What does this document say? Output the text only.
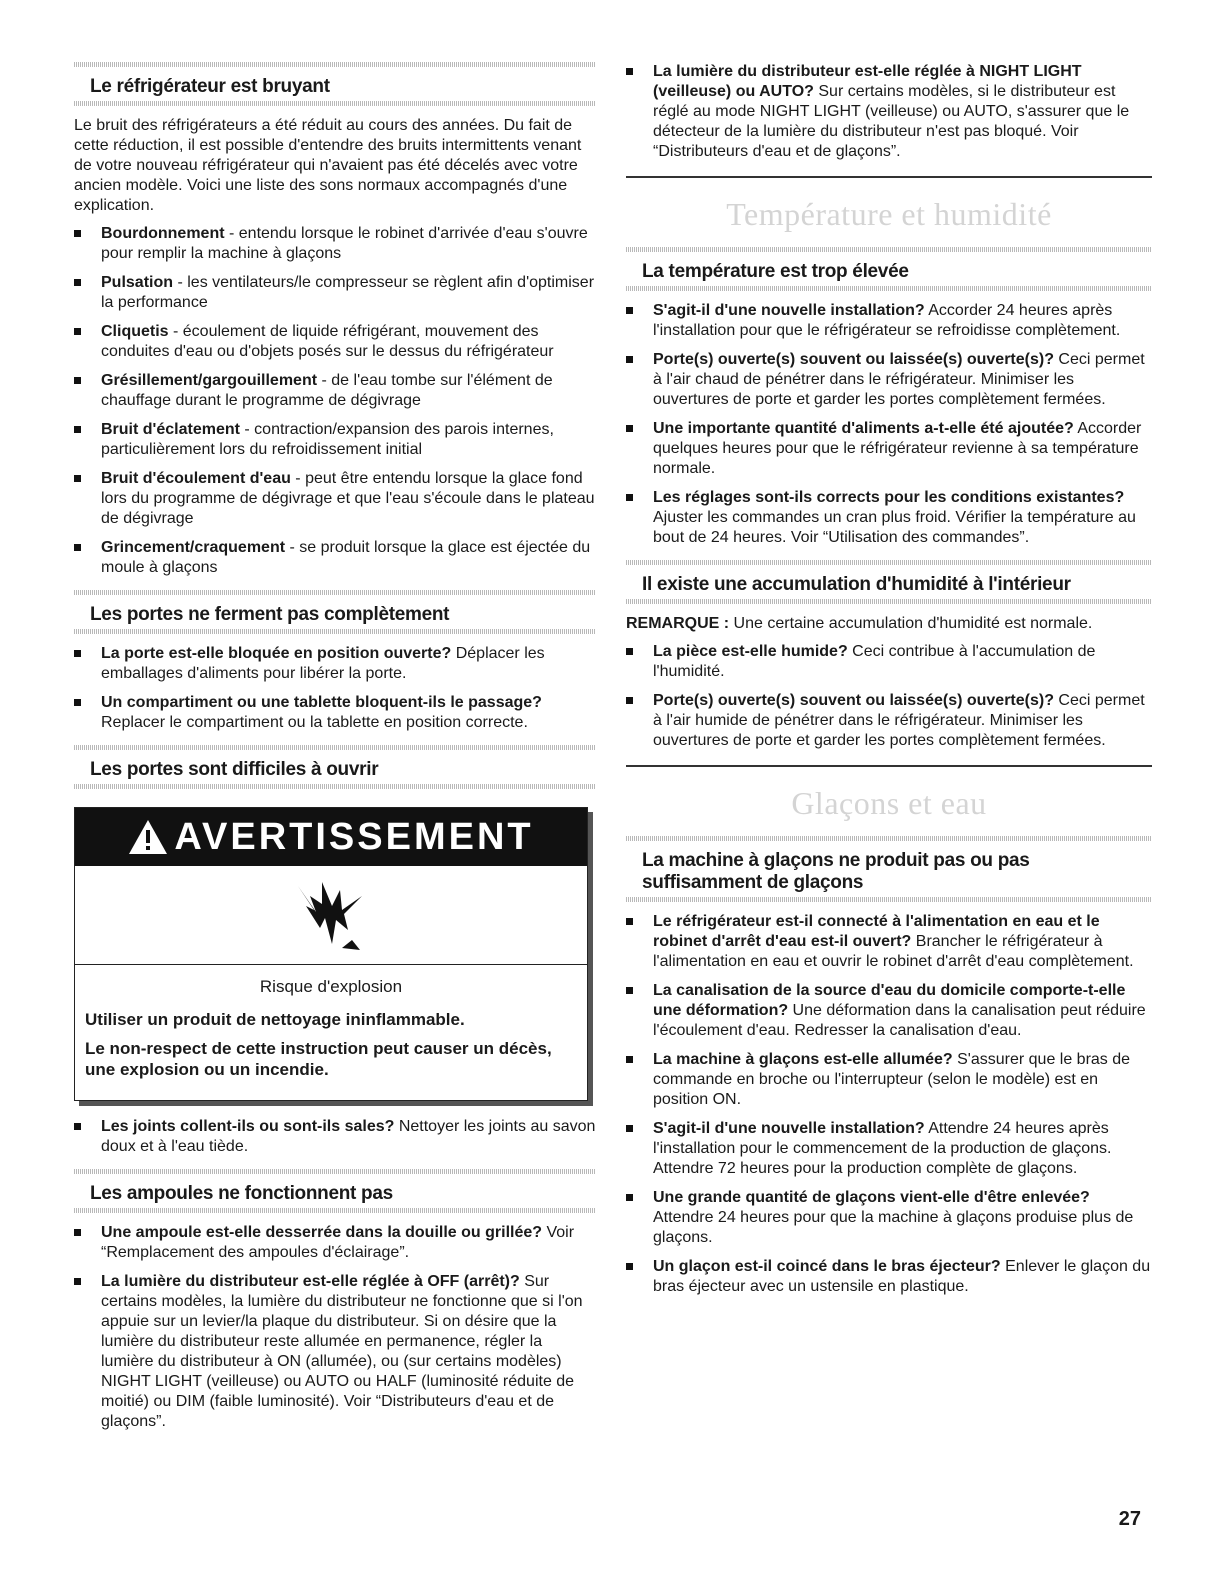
Le réfrigérateur est bruyant

Le bruit des réfrigérateurs a été réduit au cours des années. Du fait de cette réduction, il est possible d'entendre des bruits intermittents venant de votre nouveau réfrigérateur qui n'avaient pas été décelés avec votre ancien modèle. Voici une liste des sons normaux accompagnés d'une explication.

Bourdonnement - entendu lorsque le robinet d'arrivée d'eau s'ouvre pour remplir la machine à glaçons
Pulsation - les ventilateurs/le compresseur se règlent afin d'optimiser la performance
Cliquetis - écoulement de liquide réfrigérant, mouvement des conduites d'eau ou d'objets posés sur le dessus du réfrigérateur
Grésillement/gargouillement - de l'eau tombe sur l'élément de chauffage durant le programme de dégivrage
Bruit d'éclatement - contraction/expansion des parois internes, particulièrement lors du refroidissement initial
Bruit d'écoulement d'eau - peut être entendu lorsque la glace fond lors du programme de dégivrage et que l'eau s'écoule dans le plateau de dégivrage
Grincement/craquement - se produit lorsque la glace est éjectée du moule à glaçons
Les portes ne ferment pas complètement
La porte est-elle bloquée en position ouverte? Déplacer les emballages d'aliments pour libérer la porte.
Un compartiment ou une tablette bloquent-ils le passage? Replacer le compartiment ou la tablette en position correcte.
Les portes sont difficiles à ouvrir
AVERTISSEMENT
Risque d'explosion

Utiliser un produit de nettoyage ininflammable.

Le non-respect de cette instruction peut causer un décès, une explosion ou un incendie.

Les joints collent-ils ou sont-ils sales? Nettoyer les joints au savon doux et à l'eau tiède.
Les ampoules ne fonctionnent pas
Une ampoule est-elle desserrée dans la douille ou grillée? Voir “Remplacement des ampoules d'éclairage”.
La lumière du distributeur est-elle réglée à OFF (arrêt)? Sur certains modèles, la lumière du distributeur ne fonctionne que si l'on appuie sur un levier/la plaque du distributeur. Si on désire que la lumière du distributeur reste allumée en permanence, régler la lumière du distributeur à ON (allumée), ou (sur certains modèles) NIGHT LIGHT (veilleuse) ou AUTO ou HALF (luminosité réduite de moitié) ou DIM (faible luminosité). Voir “Distributeurs d'eau et de glaçons”.
La lumière du distributeur est-elle réglée à NIGHT LIGHT (veilleuse) ou AUTO? Sur certains modèles, si le distributeur est réglé au mode NIGHT LIGHT (veilleuse) ou AUTO, s'assurer que le détecteur de la lumière du distributeur n'est pas bloqué. Voir “Distributeurs d'eau et de glaçons”.
Température et humidité
La température est trop élevée
S'agit-il d'une nouvelle installation? Accorder 24 heures après l'installation pour que le réfrigérateur se refroidisse complètement.
Porte(s) ouverte(s) souvent ou laissée(s) ouverte(s)? Ceci permet à l'air chaud de pénétrer dans le réfrigérateur. Minimiser les ouvertures de porte et garder les portes complètement fermées.
Une importante quantité d'aliments a-t-elle été ajoutée? Accorder quelques heures pour que le réfrigérateur revienne à sa température normale.
Les réglages sont-ils corrects pour les conditions existantes? Ajuster les commandes un cran plus froid. Vérifier la température au bout de 24 heures. Voir “Utilisation des commandes”.
Il existe une accumulation d'humidité à l'intérieur

REMARQUE : Une certaine accumulation d'humidité est normale.

La pièce est-elle humide? Ceci contribue à l'accumulation de l'humidité.
Porte(s) ouverte(s) souvent ou laissée(s) ouverte(s)? Ceci permet à l'air humide de pénétrer dans le réfrigérateur. Minimiser les ouvertures de porte et garder les portes complètement fermées.
Glaçons et eau
La machine à glaçons ne produit pas ou pas suffisamment de glaçons
Le réfrigérateur est-il connecté à l'alimentation en eau et le robinet d'arrêt d'eau est-il ouvert? Brancher le réfrigérateur à l'alimentation en eau et ouvrir le robinet d'arrêt d'eau complètement.
La canalisation de la source d'eau du domicile comporte-t-elle une déformation? Une déformation dans la canalisation peut réduire l'écoulement d'eau. Redresser la canalisation d'eau.
La machine à glaçons est-elle allumée? S'assurer que le bras de commande en broche ou l'interrupteur (selon le modèle) est en position ON.
S'agit-il d'une nouvelle installation? Attendre 24 heures après l'installation pour le commencement de la production de glaçons. Attendre 72 heures pour la production complète de glaçons.
Une grande quantité de glaçons vient-elle d'être enlevée? Attendre 24 heures pour que la machine à glaçons produise plus de glaçons.
Un glaçon est-il coincé dans le bras éjecteur? Enlever le glaçon du bras éjecteur avec un ustensile en plastique.
27
